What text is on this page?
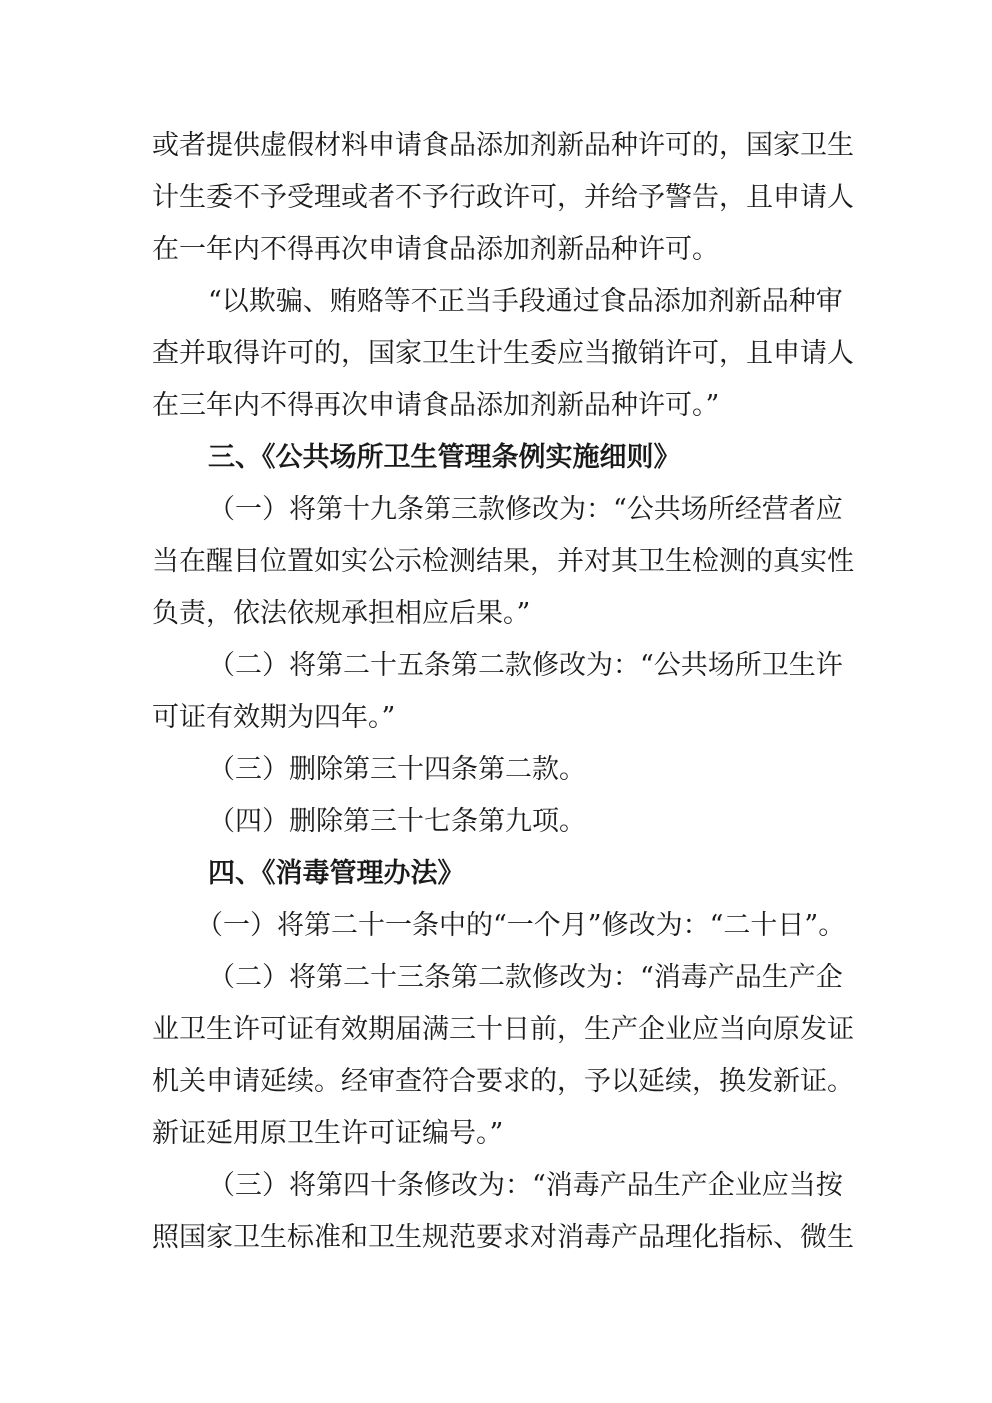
或者提供虚假材料申请食品添加剂新品种许可的，国家卫生
计生委不予受理或者不予行政许可，并给予警告，且申请人
在一年内不得再次申请食品添加剂新品种许可。
“以欺骗、贿赂等不正当手段通过食品添加剂新品种审
查并取得许可的，国家卫生计生委应当撤销许可，且申请人
在三年内不得再次申请食品添加剂新品种许可。”
三、《公共场所卫生管理条例实施细则》
（一）将第十九条第三款修改为：“公共场所经营者应
当在醒目位置如实公示检测结果，并对其卫生检测的真实性
负责，依法依规承担相应后果。”
（二）将第二十五条第二款修改为：“公共场所卫生许
可证有效期为四年。”
（三）删除第三十四条第二款。
（四）删除第三十七条第九项。
四、《消毒管理办法》
（一）将第二十一条中的“一个月”修改为：“二十日”。
（二）将第二十三条第二款修改为：“消毒产品生产企
业卫生许可证有效期届满三十日前，生产企业应当向原发证
机关申请延续。经审查符合要求的，予以延续，换发新证。
新证延用原卫生许可证编号。”
（三）将第四十条修改为：“消毒产品生产企业应当按
照国家卫生标准和卫生规范要求对消毒产品理化指标、微生
